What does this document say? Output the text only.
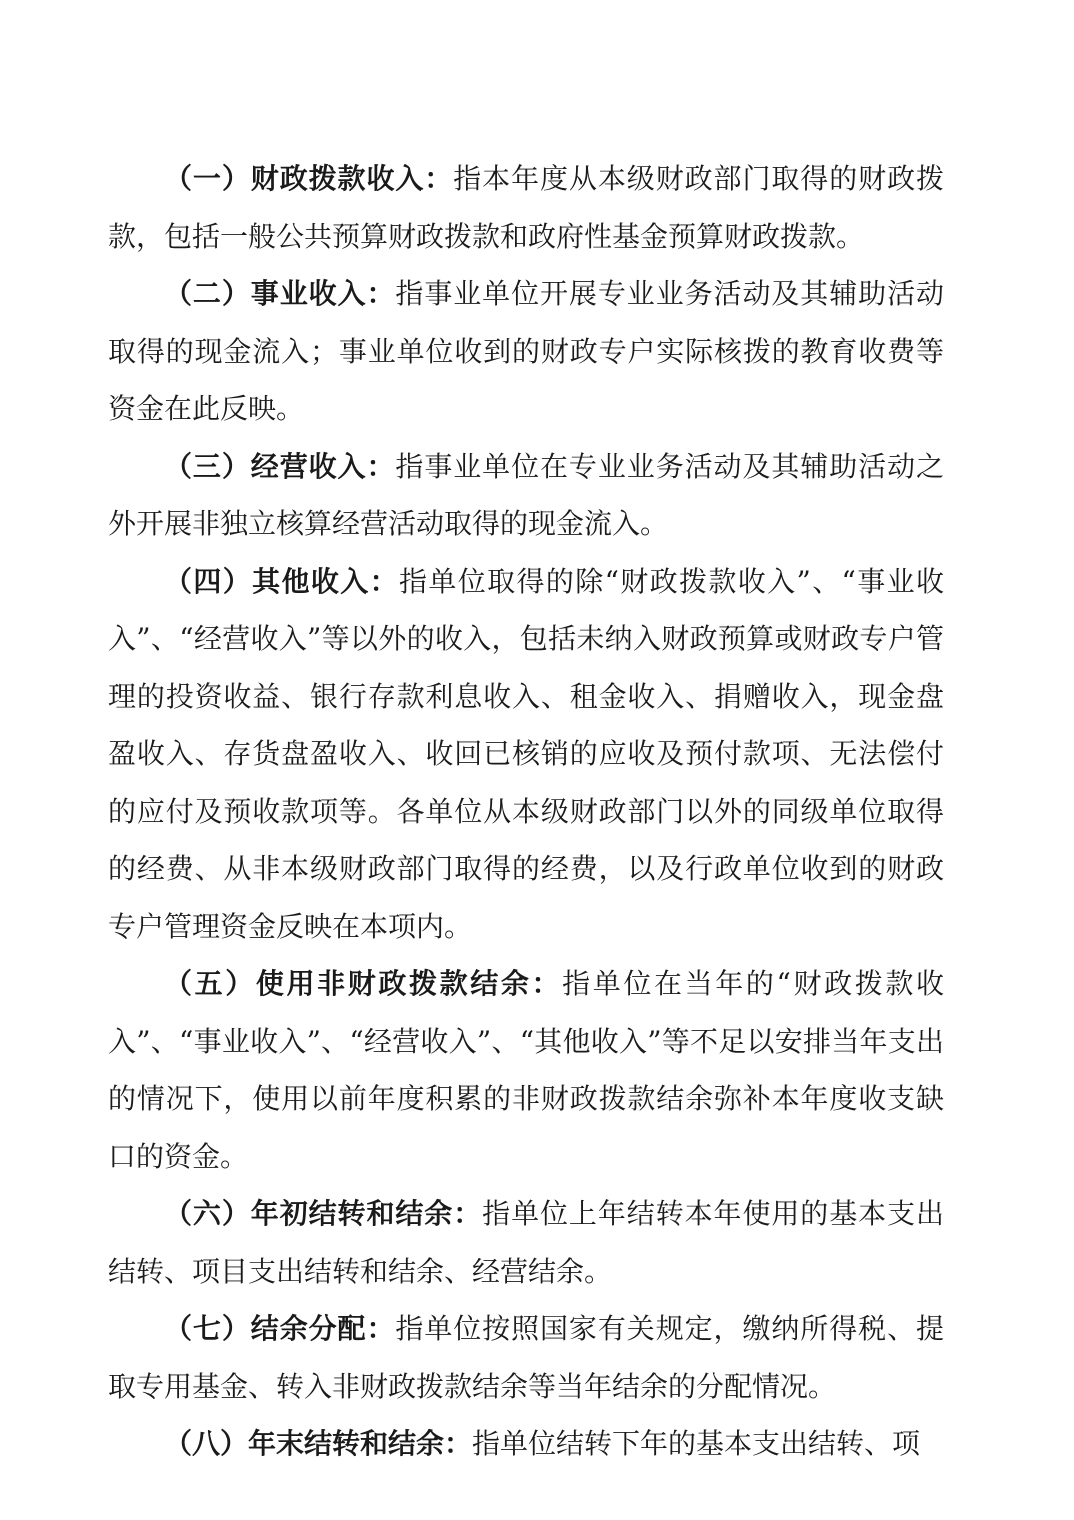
（一）财政拨款收入：指本年度从本级财政部门取得的财政拨款，包括一般公共预算财政拨款和政府性基金预算财政拨款。

（二）事业收入：指事业单位开展专业业务活动及其辅助活动取得的现金流入；事业单位收到的财政专户实际核拨的教育收费等资金在此反映。

（三）经营收入：指事业单位在专业业务活动及其辅助活动之外开展非独立核算经营活动取得的现金流入。

（四）其他收入：指单位取得的除“财政拨款收入”、“事业收入”、“经营收入”等以外的收入，包括未纳入财政预算或财政专户管理的投资收益、银行存款利息收入、租金收入、捐赠收入，现金盘盈收入、存货盘盈收入、收回已核销的应收及预付款项、无法偿付的应付及预收款项等。各单位从本级财政部门以外的同级单位取得的经费、从非本级财政部门取得的经费，以及行政单位收到的财政专户管理资金反映在本项内。

（五）使用非财政拨款结余：指单位在当年的“财政拨款收入”、“事业收入”、“经营收入”、“其他收入”等不足以安排当年支出的情况下，使用以前年度积累的非财政拨款结余弥补本年度收支缺口的资金。

（六）年初结转和结余：指单位上年结转本年使用的基本支出结转、项目支出结转和结余、经营结余。

（七）结余分配：指单位按照国家有关规定，缴纳所得税、提取专用基金、转入非财政拨款结余等当年结余的分配情况。

（八）年末结转和结余：指单位结转下年的基本支出结转、项
